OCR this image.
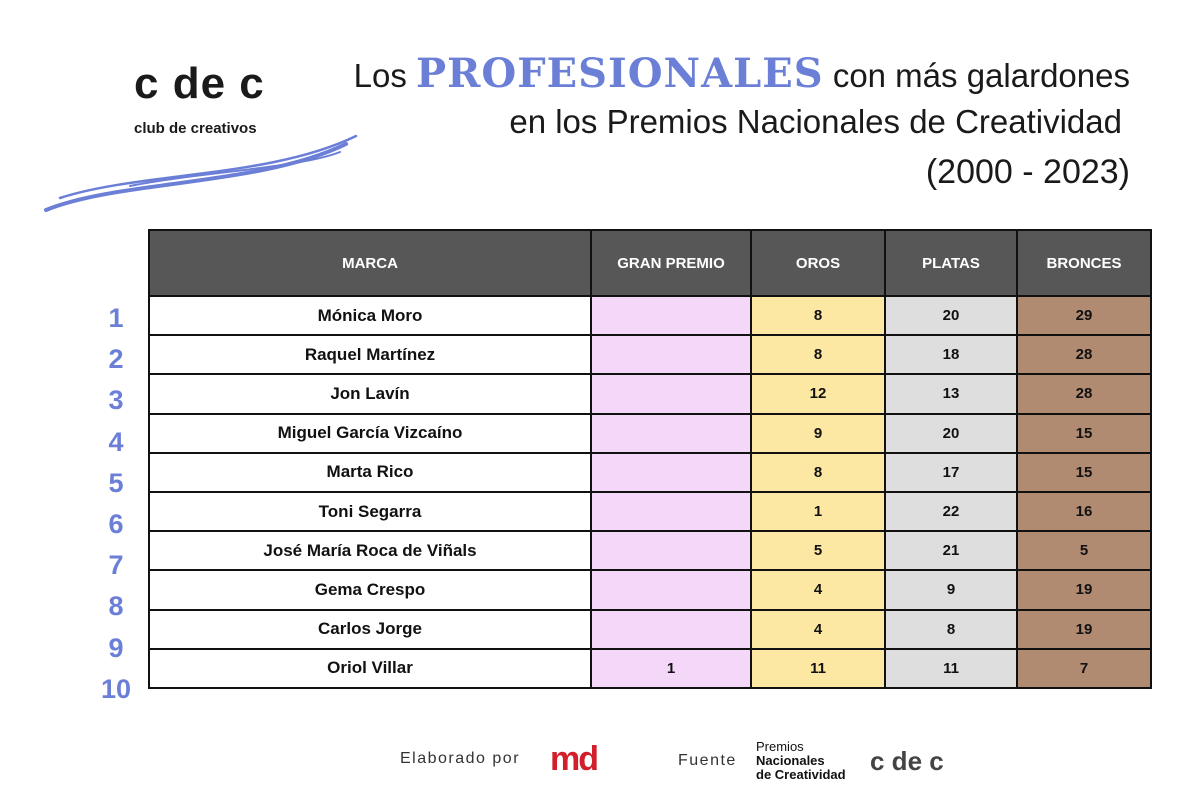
c de c
club de creativos
Los PROFESIONALES con más galardones
en los Premios Nacionales de Creatividad
(2000 - 2023)
1
2
3
4
5
6
7
8
9
10
MARCA	GRAN PREMIO	OROS	PLATAS	BRONCES
Mónica Moro		8	20	29
Raquel Martínez		8	18	28
Jon Lavín		12	13	28
Miguel García Vizcaíno		9	20	15
Marta Rico		8	17	15
Toni Segarra		1	22	16
José María Roca de Viñals		5	21	5
Gema Crespo		4	9	19
Carlos Jorge		4	8	19
Oriol Villar	1	11	11	7
Elaborado por md	Fuente
Premios
Nacionales
de Creatividad c de c
